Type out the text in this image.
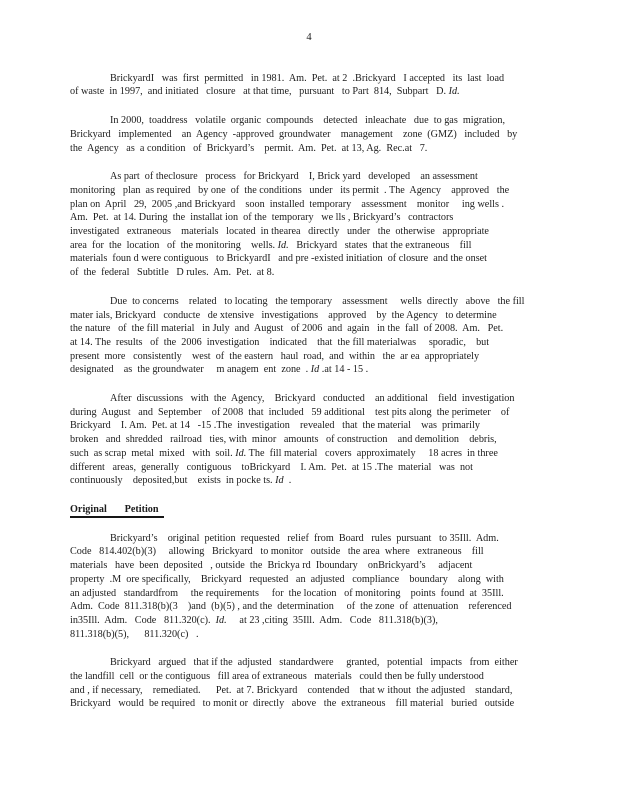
4
BrickyardI   was  first  permitted   in 1981.  Am.  Pet.  at 2  .Brickyard   I accepted   its  last  load
of waste  in 1997,  and initiated   closure   at that time,   pursuant   to Part  814,  Subpart   D. Id.
In 2000,  toaddress   volatile  organic  compounds    detected   inleachate   due  to gas  migration,
Brickyard   implemented    an  Agency  -approved  groundwater    management    zone  (GMZ)   included   by
the  Agency   as  a condition   of  Brickyard’s    permit.  Am.  Pet.  at 13, Ag.  Rec.at   7.
As part  of theclosure   process   for Brickyard    I, Brick yard   developed    an assessment
monitoring   plan  as required   by one  of  the conditions   under   its permit  . The  Agency    approved   the
plan on  April   29,  2005 ,and Brickyard    soon  installed  temporary    assessment    monitor     ing wells .
Am.  Pet.  at 14. During  the  installat ion  of the  temporary   we lls , Brickyard’s   contractors
investigated   extraneous    materials   located  in thearea   directly   under   the  otherwise   appropriate
area  for  the  location   of  the monitoring    wells. Id.   Brickyard   states  that the extraneous    fill
materials  foun d were contiguous   to BrickyardI   and pre -existed initiation  of closure  and the onset
of  the  federal   Subtitle   D rules.  Am.  Pet.  at 8.
Due  to concerns    related   to locating   the temporary    assessment     wells  directly   above   the fill
mater ials, Brickyard   conducte   de xtensive   investigations    approved    by  the Agency   to determine
the nature   of  the fill material   in July  and  August   of 2006  and  again   in the  fall  of 2008.  Am.   Pet.
at 14. The  results   of  the  2006  investigation    indicated    that  the fill materialwas     sporadic,    but
present  more   consistently    west  of  the eastern   haul  road,  and  within   the  ar ea  appropriately
designated    as  the groundwater     m anagem  ent  zone  . Id .at 14 - 15 .
After  discussions   with  the  Agency,    Brickyard   conducted    an additional    field  investigation
during  August   and  September    of 2008  that  included   59 additional    test pits along  the perimeter    of
Brickyard    I. Am.  Pet. at 14   -15 .The  investigation    revealed   that  the material    was  primarily
broken   and  shredded   railroad   ties, with  minor   amounts   of construction    and demolition    debris,
such  as scrap  metal  mixed   with  soil. Id. The  fill material   covers  approximately     18 acres  in three
different   areas,  generally   contiguous    toBrickyard    I. Am.  Pet.  at 15 .The  material   was  not
continuously    deposited,but    exists  in pocke ts. Id  .
Original       Petition
Brickyard’s    original  petition  requested   relief  from  Board   rules  pursuant   to 35Ill.  Adm.
Code   814.402(b)(3)     allowing   Brickyard   to monitor   outside   the area  where   extraneous    fill
materials   have  been  deposited   , outside  the  Brickya rd  Iboundary    onBrickyard’s     adjacent
property  .M  ore specifically,    Brickyard   requested   an  adjusted   compliance    boundary    along  with
an adjusted   standardfrom     the requirements     for  the location   of monitoring    points  found  at  35Ill.
Adm.  Code  811.318(b)(3    )and  (b)(5) , and the  determination     of  the zone  of  attenuation    referenced
in35Ill.  Adm.   Code   811.320(c).  Id.     at 23 ,citing  35Ill.  Adm.   Code   811.318(b)(3),
811.318(b)(5),      811.320(c)   .
Brickyard   argued   that if the  adjusted   standardwere     granted,   potential   impacts   from  either
the landfill  cell  or the contiguous   fill area of extraneous   materials   could then be fully understood
and , if necessary,    remediated.      Pet.  at 7. Brickyard    contended    that w ithout  the adjusted    standard,
Brickyard   would  be required   to monit or  directly   above   the  extraneous    fill material   buried   outside
